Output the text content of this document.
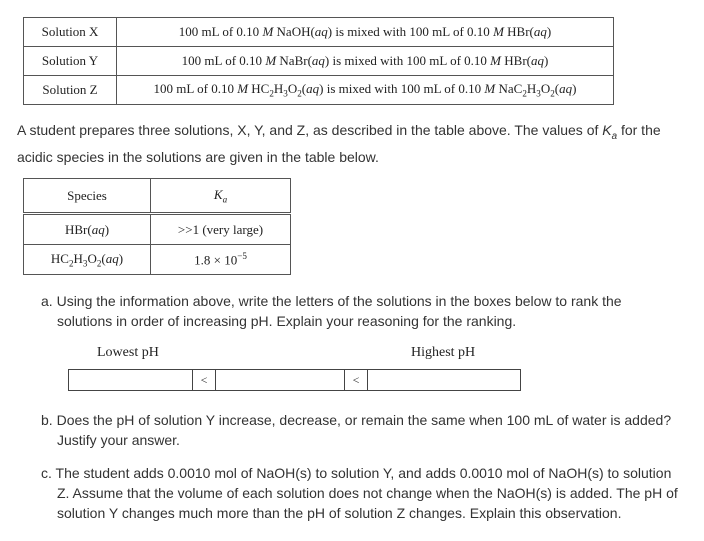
Solution X	100 mL of 0.10 M NaOH(aq) is mixed with 100 mL of 0.10 M HBr(aq)
Solution Y	100 mL of 0.10 M NaBr(aq) is mixed with 100 mL of 0.10 M HBr(aq)
Solution Z	100 mL of 0.10 M $HC_2H_3O_2(aq)$ is mixed with 100 mL of 0.10 M $NaC_2H_3O_2(aq)$
A student prepares three solutions, X, Y, and Z, as described in the table above. The values of $K_a$ for the
acidic species in the solutions are given in the table below.
Species	$K_a$
HBr(aq)	>>1 (very large)
$HC_2H_3O_2(aq)$	$1.8 \times 10^{-5}$
a. Using the information above, write the letters of the solutions in the boxes below to rank the
solutions in order of increasing pH. Explain your reasoning for the ranking.
Lowest pH	Highest pH
<	<
b. Does the pH of solution Y increase, decrease, or remain the same when 100 mL of water is added?
Justify your answer.
c. The student adds 0.0010 mol of NaOH(s) to solution Y, and adds 0.0010 mol of NaOH(s) to solution
Z. Assume that the volume of each solution does not change when the NaOH(s) is added. The pH of
solution Y changes much more than the pH of solution Z changes. Explain this observation.
